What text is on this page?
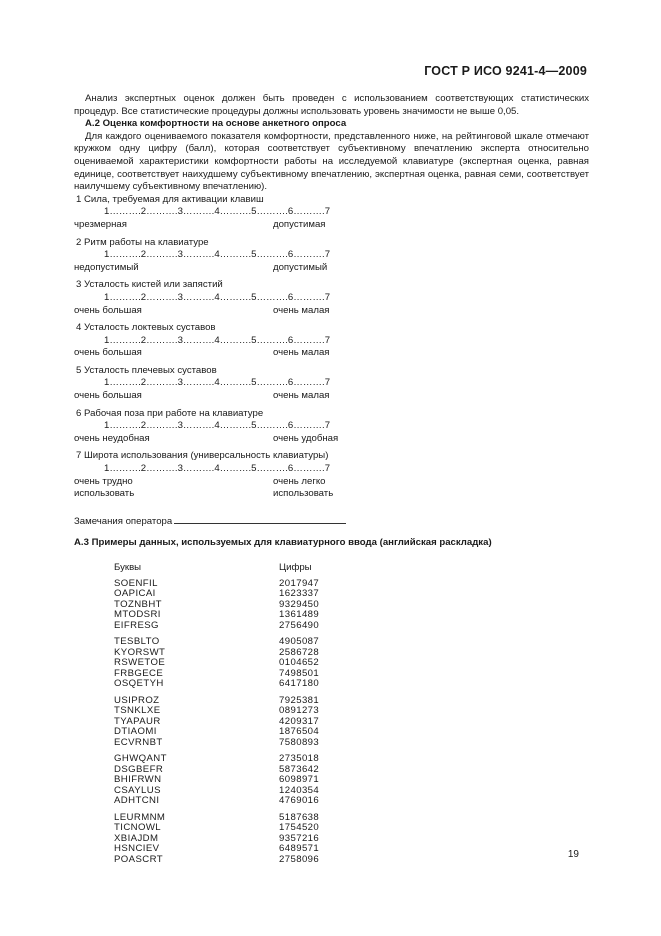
ГОСТ Р ИСО 9241-4—2009

Анализ экспертных оценок должен быть проведен с использованием соответствующих статистических процедур. Все статистические процедуры должны использовать уровень значимости не выше 0,05.

А.2 Оценка комфортности на основе анкетного опроса

Для каждого оцениваемого показателя комфортности, представленного ниже, на рейтинговой шкале отмечают кружком одну цифру (балл), которая соответствует субъективному впечатлению эксперта относительно оцениваемой характеристики комфортности работы на исследуемой клавиатуре (экспертная оценка, равная единице, соответствует наихудшему субъективному впечатлению, экспертная оценка, равная семи, соответствует наилучшему субъективному впечатлению).

1 Сила, требуемая для активации клавиш
1……….2……….3……….4……….5……….6……….7
чрезмерная	допустимая
2 Ритм работы на клавиатуре
1……….2……….3……….4……….5……….6……….7
недопустимый	допустимый
3 Усталость кистей или запястий
1……….2……….3……….4……….5……….6……….7
очень большая	очень малая
4 Усталость локтевых суставов
1……….2……….3……….4……….5……….6……….7
очень большая	очень малая
5 Усталость плечевых суставов
1……….2……….3……….4……….5……….6……….7
очень большая	очень малая
6 Рабочая поза при работе на клавиатуре
1……….2……….3……….4……….5……….6……….7
очень неудобная	очень удобная
7 Широта использования (универсальность клавиатуры)
1……….2……….3……….4……….5……….6……….7
очень трудно	очень легко
использовать	использовать
Замечания оператора
А.3 Примеры данных, используемых для клавиатурного ввода (английская раскладка)
Буквы	Цифры
SOENFIL	2017947
OAPICAI	1623337
TOZNBHT	9329450
MTODSRI	1361489
EIFRESG	2756490
TESBLTO	4905087
KYORSWT	2586728
RSWETOE	0104652
FRBGECE	7498501
OSQETYH	6417180
USIPROZ	7925381
TSNKLXE	0891273
TYAPAUR	4209317
DTIAOMI	1876504
ECVRNBT	7580893
GHWQANT	2735018
DSGBEFR	5873642
BHIFRWN	6098971
CSAYLUS	1240354
ADHTCNI	4769016
LEURMNM	5187638
TICNOWL	1754520
XBIAJDM	9357216
HSNCIEV	6489571
POASCRT	2758096	19
